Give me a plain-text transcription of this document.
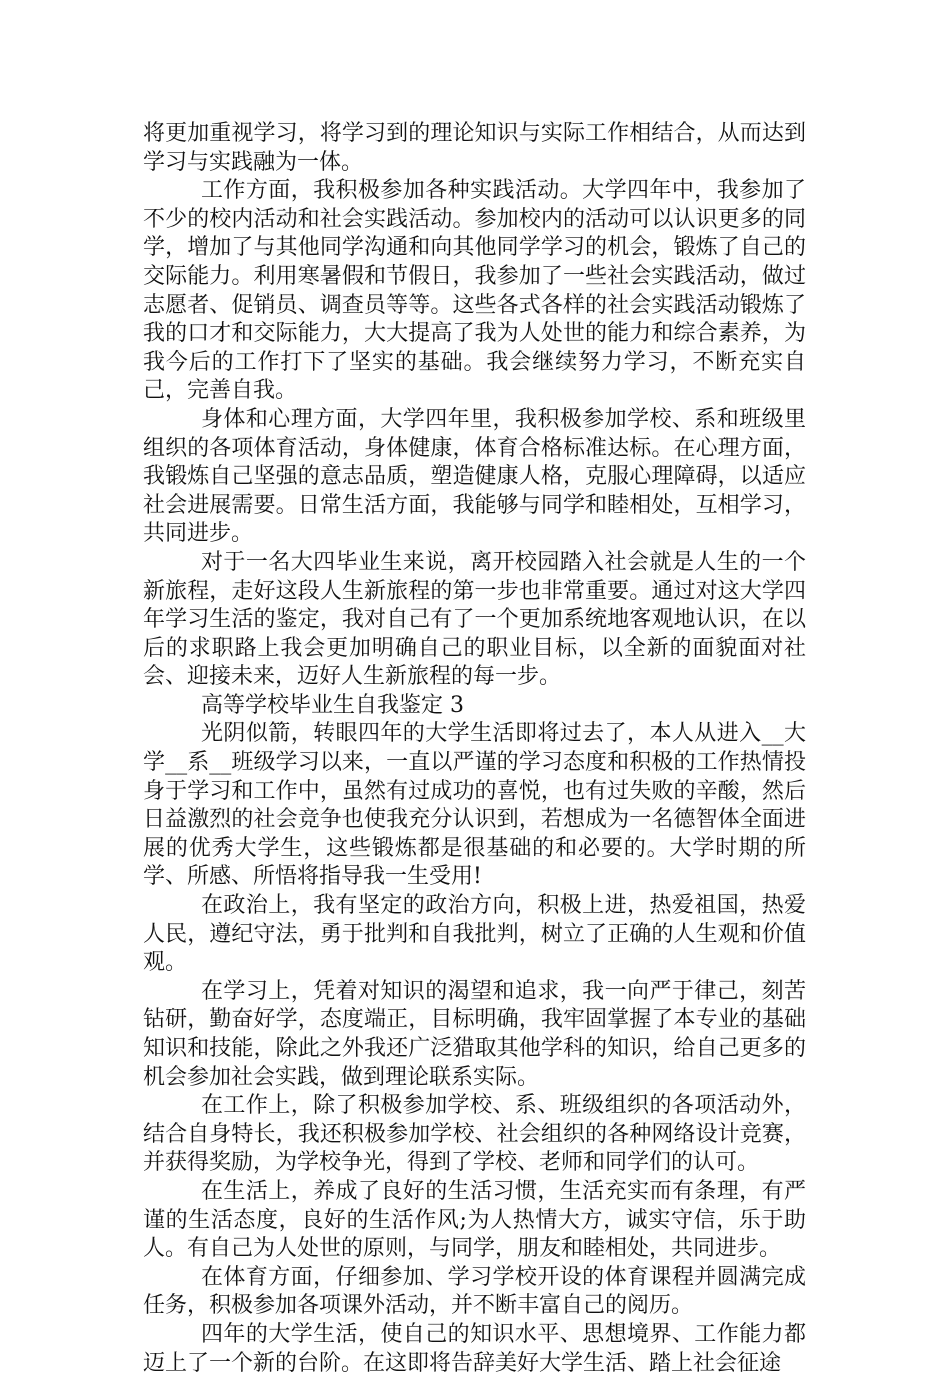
将更加重视学习，将学习到的理论知识与实际工作相结合，从而达到学习与实践融为一体。

工作方面，我积极参加各种实践活动。大学四年中，我参加了不少的校内活动和社会实践活动。参加校内的活动可以认识更多的同学，增加了与其他同学沟通和向其他同学学习的机会，锻炼了自己的交际能力。利用寒暑假和节假日，我参加了一些社会实践活动，做过志愿者、促销员、调查员等等。这些各式各样的社会实践活动锻炼了我的口才和交际能力，大大提高了我为人处世的能力和综合素养，为我今后的工作打下了坚实的基础。我会继续努力学习，不断充实自己，完善自我。

身体和心理方面，大学四年里，我积极参加学校、系和班级里组织的各项体育活动，身体健康，体育合格标准达标。在心理方面，我锻炼自己坚强的意志品质，塑造健康人格，克服心理障碍，以适应社会进展需要。日常生活方面，我能够与同学和睦相处，互相学习，共同进步。

对于一名大四毕业生来说，离开校园踏入社会就是人生的一个新旅程，走好这段人生新旅程的第一步也非常重要。通过对这大学四年学习生活的鉴定，我对自己有了一个更加系统地客观地认识，在以后的求职路上我会更加明确自己的职业目标，以全新的面貌面对社会、迎接未来，迈好人生新旅程的每一步。

高等学校毕业生自我鉴定 3

光阴似箭，转眼四年的大学生活即将过去了，本人从进入__大学__系__班级学习以来，一直以严谨的学习态度和积极的工作热情投身于学习和工作中，虽然有过成功的喜悦，也有过失败的辛酸，然后日益激烈的社会竞争也使我充分认识到，若想成为一名德智体全面进展的优秀大学生，这些锻炼都是很基础的和必要的。大学时期的所学、所感、所悟将指导我一生受用!

在政治上，我有坚定的政治方向，积极上进，热爱祖国，热爱人民，遵纪守法，勇于批判和自我批判，树立了正确的人生观和价值观。

在学习上，凭着对知识的渴望和追求，我一向严于律己，刻苦钻研，勤奋好学，态度端正，目标明确，我牢固掌握了本专业的基础知识和技能，除此之外我还广泛猎取其他学科的知识，给自己更多的机会参加社会实践，做到理论联系实际。

在工作上，除了积极参加学校、系、班级组织的各项活动外，结合自身特长，我还积极参加学校、社会组织的各种网络设计竞赛，并获得奖励，为学校争光，得到了学校、老师和同学们的认可。

在生活上，养成了良好的生活习惯，生活充实而有条理，有严谨的生活态度，良好的生活作风;为人热情大方，诚实守信，乐于助人。有自己为人处世的原则，与同学，朋友和睦相处，共同进步。

在体育方面，仔细参加、学习学校开设的体育课程并圆满完成任务，积极参加各项课外活动，并不断丰富自己的阅历。

四年的大学生活，使自己的知识水平、思想境界、工作能力都迈上了一个新的台阶。在这即将告辞美好大学生活、踏上社会征途
